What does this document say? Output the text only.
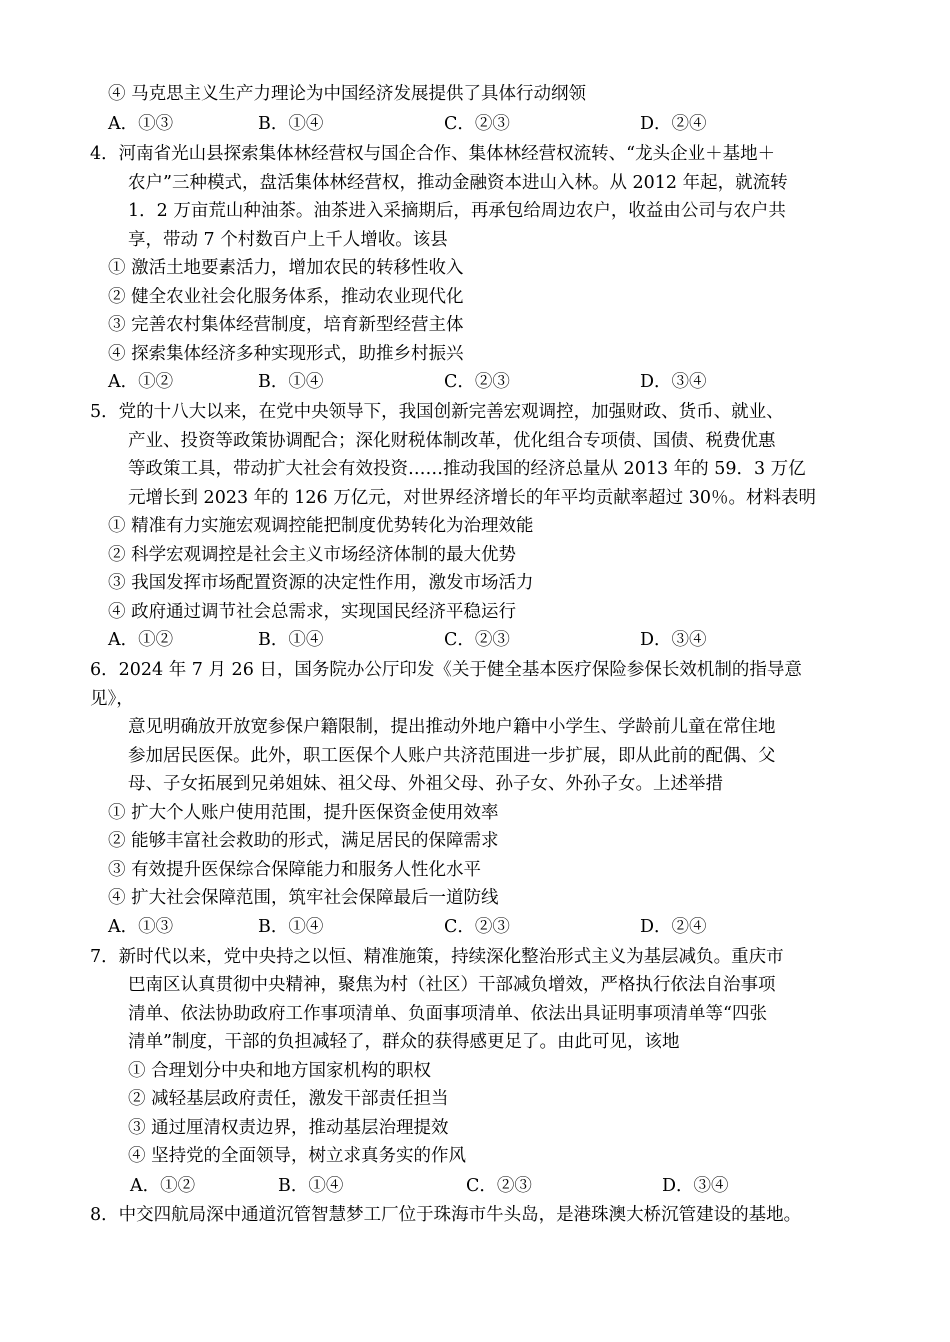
④ 马克思主义生产力理论为中国经济发展提供了具体行动纲领
A．①③	B．①④	C．②③	D．②④
4．河南省光山县探索集体林经营权与国企合作、集体林经营权流转、“龙头企业＋基地＋
农户”三种模式，盘活集体林经营权，推动金融资本进山入林。从 2012 年起，就流转
1．2 万亩荒山种油茶。油茶进入采摘期后，再承包给周边农户，收益由公司与农户共
享，带动 7 个村数百户上千人增收。该县
① 激活土地要素活力，增加农民的转移性收入
② 健全农业社会化服务体系，推动农业现代化
③ 完善农村集体经营制度，培育新型经营主体
④ 探索集体经济多种实现形式，助推乡村振兴
A．①②	B．①④	C．②③	D．③④
5．党的十八大以来，在党中央领导下，我国创新完善宏观调控，加强财政、货币、就业、
产业、投资等政策协调配合；深化财税体制改革，优化组合专项债、国债、税费优惠
等政策工具，带动扩大社会有效投资……推动我国的经济总量从 2013 年的 59．3 万亿
元增长到 2023 年的 126 万亿元，对世界经济增长的年平均贡献率超过 30％。材料表明
① 精准有力实施宏观调控能把制度优势转化为治理效能
② 科学宏观调控是社会主义市场经济体制的最大优势
③ 我国发挥市场配置资源的决定性作用，激发市场活力
④ 政府通过调节社会总需求，实现国民经济平稳运行
A．①②	B．①④	C．②③	D．③④
6．2024 年 7 月 26 日，国务院办公厅印发《关于健全基本医疗保险参保长效机制的指导意
见》，
意见明确放开放宽参保户籍限制，提出推动外地户籍中小学生、学龄前儿童在常住地
参加居民医保。此外，职工医保个人账户共济范围进一步扩展，即从此前的配偶、父
母、子女拓展到兄弟姐妹、祖父母、外祖父母、孙子女、外孙子女。上述举措
① 扩大个人账户使用范围，提升医保资金使用效率
② 能够丰富社会救助的形式，满足居民的保障需求
③ 有效提升医保综合保障能力和服务人性化水平
④ 扩大社会保障范围，筑牢社会保障最后一道防线
A．①③	B．①④	C．②③	D．②④
7．新时代以来，党中央持之以恒、精准施策，持续深化整治形式主义为基层减负。重庆市
巴南区认真贯彻中央精神，聚焦为村（社区）干部减负增效，严格执行依法自治事项
清单、依法协助政府工作事项清单、负面事项清单、依法出具证明事项清单等“四张
清单”制度，干部的负担减轻了，群众的获得感更足了。由此可见，该地
① 合理划分中央和地方国家机构的职权
② 减轻基层政府责任，激发干部责任担当
③ 通过厘清权责边界，推动基层治理提效
④ 坚持党的全面领导，树立求真务实的作风
A．①②	B．①④	C．②③	D．③④
8．中交四航局深中通道沉管智慧梦工厂位于珠海市牛头岛，是港珠澳大桥沉管建设的基地。
